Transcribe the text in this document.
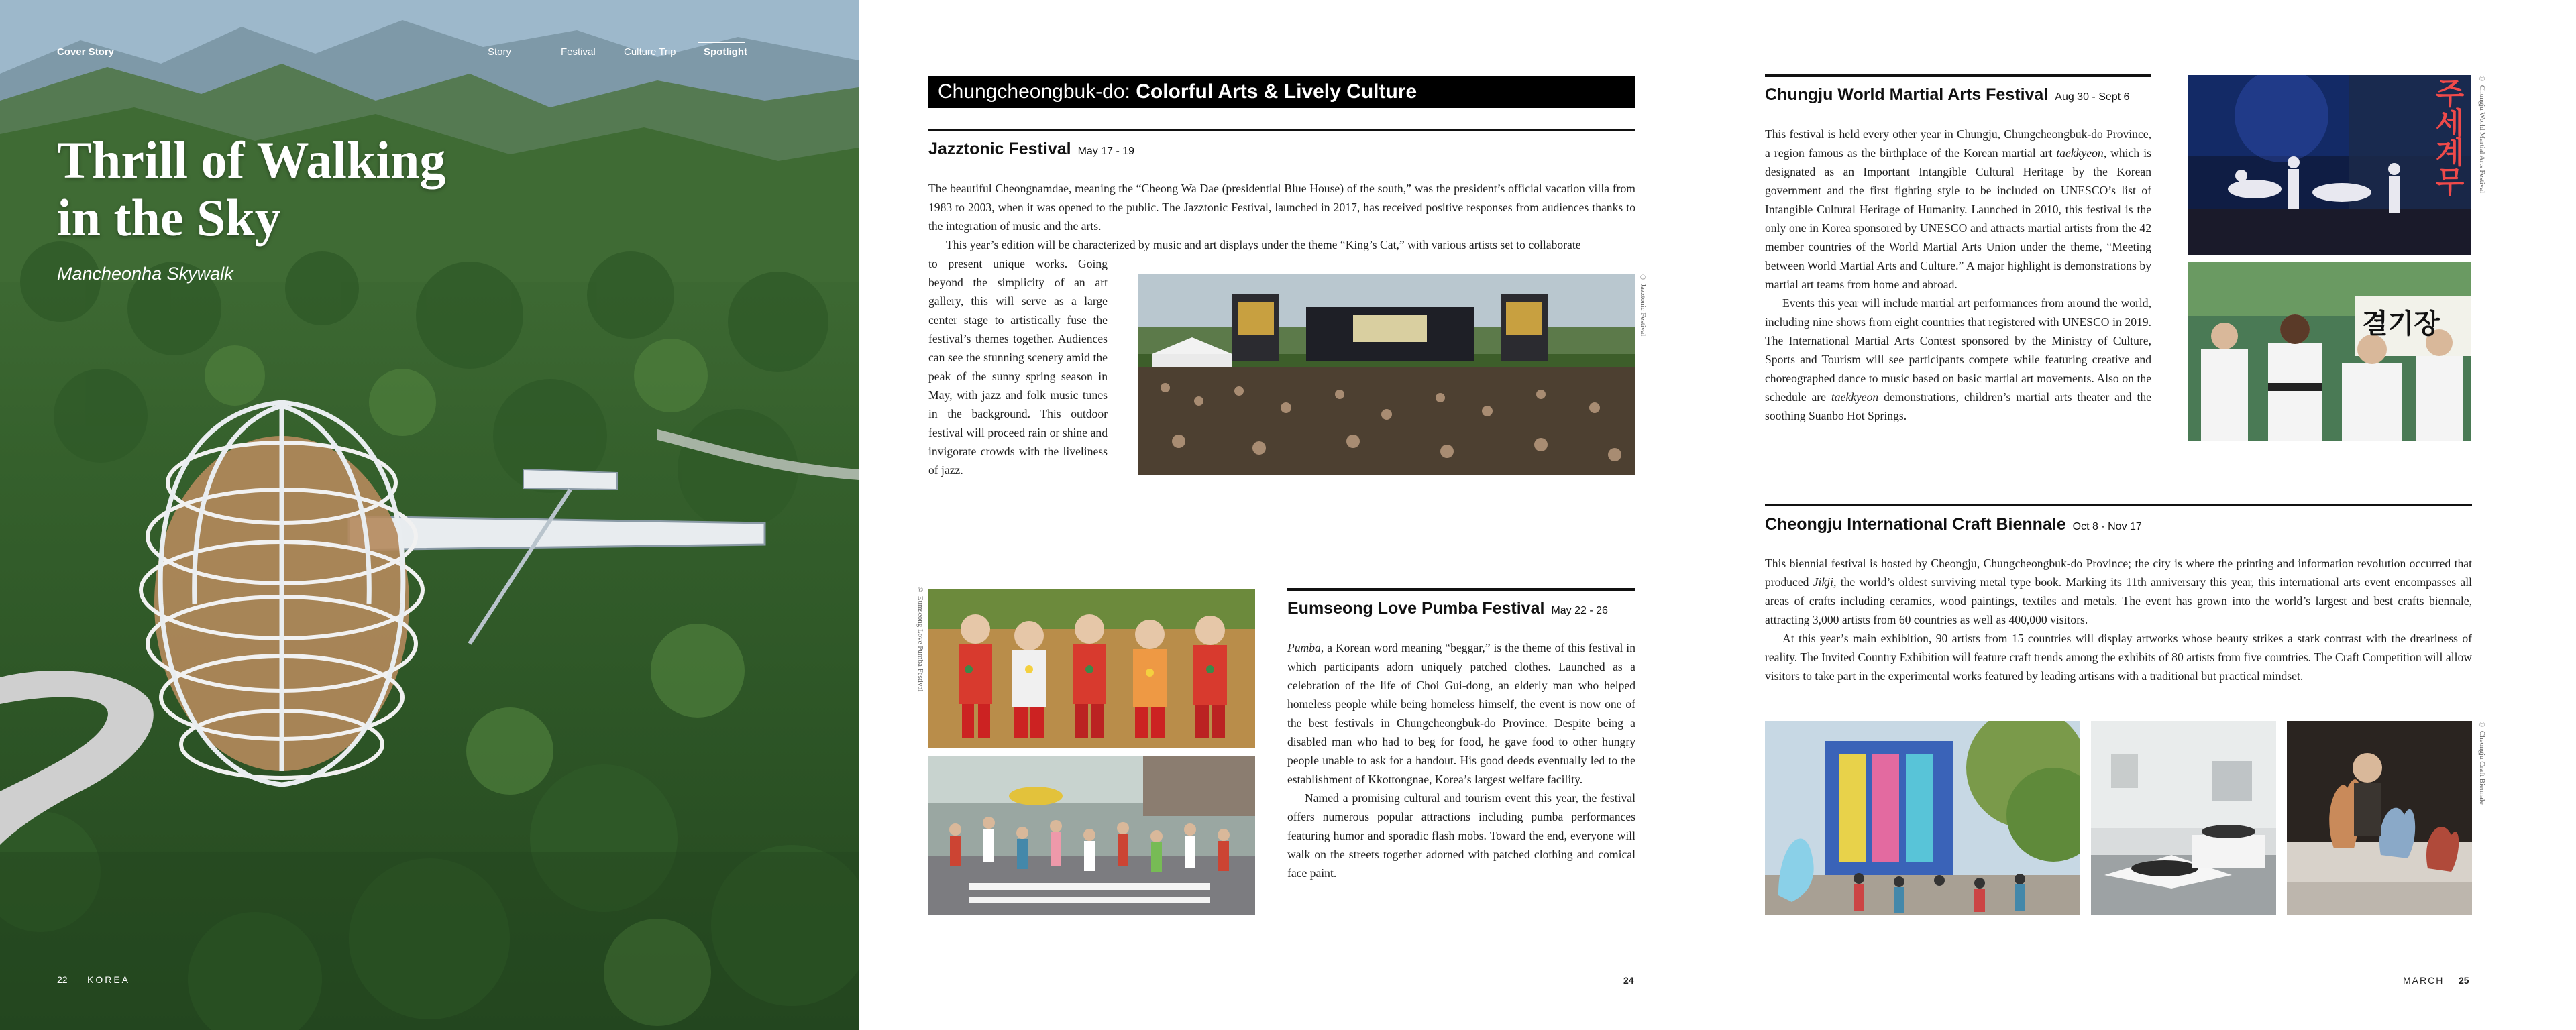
Cover Story	Story	Festival	Culture Trip	Spotlight
Thrill of Walking
in the Sky
Mancheonha Skywalk
22 KOREA
Chungcheongbuk-do: Colorful Arts & Lively Culture
Jazztonic Festival May 17 - 19

The beautiful Cheongnamdae, meaning the “Cheong Wa Dae (presidential Blue House) of the south,” was the president’s official vacation villa from 1983 to 2003, when it was opened to the public. The Jazztonic Festival, launched in 2017, has received positive responses from audiences thanks to the integration of music and the arts.

This year’s edition will be characterized by music and art displays under the theme “King’s Cat,” with various artists set to collaborate

to present unique works. Going beyond the simplicity of an art gallery, this will serve as a large center stage to artistically fuse the festival’s themes together. Audiences can see the stunning scenery amid the peak of the sunny spring season in May, with jazz and folk music tunes in the background. This outdoor festival will proceed rain or shine and invigorate crowds with the liveliness of jazz.

© Jazztonic Festival
© Eumseong Love Pumba Festival	Eumseong Love Pumba Festival May 22 - 26

Pumba, a Korean word meaning “beggar,” is the theme of this festival in which participants adorn uniquely patched clothes. Launched as a celebration of the life of Choi Gui-dong, an elderly man who helped homeless people while being homeless himself, the event is now one of the best festivals in Chungcheongbuk-do Province. Despite being a disabled man who had to beg for food, he gave food to other hungry people unable to ask for a handout. His good deeds eventually led to the establishment of Kkottongnae, Korea’s largest welfare facility.

Named a promising cultural and tourism event this year, the festival offers numerous popular attractions including pumba performances featuring humor and sporadic flash mobs. Toward the end, everyone will walk on the streets together adorned with patched clothing and comical face paint.

24
Chungju World Martial Arts Festival Aug 30 - Sept 6

This festival is held every other year in Chungju, Chungcheongbuk-do Province, a region famous as the birthplace of the Korean martial art taekkyeon, which is designated as an Important Intangible Cultural Heritage by the Korean government and the first fighting style to be included on UNESCO’s list of Intangible Cultural Heritage of Humanity. Launched in 2010, this festival is the only one in Korea sponsored by UNESCO and attracts martial artists from the 42 member countries of the World Martial Arts Union under the theme, “Meeting between World Martial Arts and Culture.” A major highlight is demonstrations by martial art teams from home and abroad.

Events this year will include martial art performances from around the world, including nine shows from eight countries that registered with UNESCO in 2019. The International Martial Arts Contest sponsored by the Ministry of Culture, Sports and Tourism will see participants compete while featuring creative and choreographed dance to music based on basic martial art movements. Also on the schedule are taekkyeon demonstrations, children’s martial arts theater and the soothing Suanbo Hot Springs.

주세계무
결기장
© Chungju World Martial Arts Festival
Cheongju International Craft Biennale Oct 8 - Nov 17

This biennial festival is hosted by Cheongju, Chungcheongbuk-do Province; the city is where the printing and information revolution occurred that produced Jikji, the world’s oldest surviving metal type book. Marking its 11th anniversary this year, this international arts event encompasses all areas of crafts including ceramics, wood paintings, textiles and metals. The event has grown into the world’s largest and best crafts biennale, attracting 3,000 artists from 60 countries as well as 400,000 visitors.

At this year’s main exhibition, 90 artists from 15 countries will display artworks whose beauty strikes a stark contrast with the dreariness of reality. The Invited Country Exhibition will feature craft trends among the exhibits of 80 artists from five countries. The Craft Competition will allow visitors to take part in the experimental works featured by leading artisans with a traditional but practical mindset.

© Cheongju Craft Biennale
MARCH 25
